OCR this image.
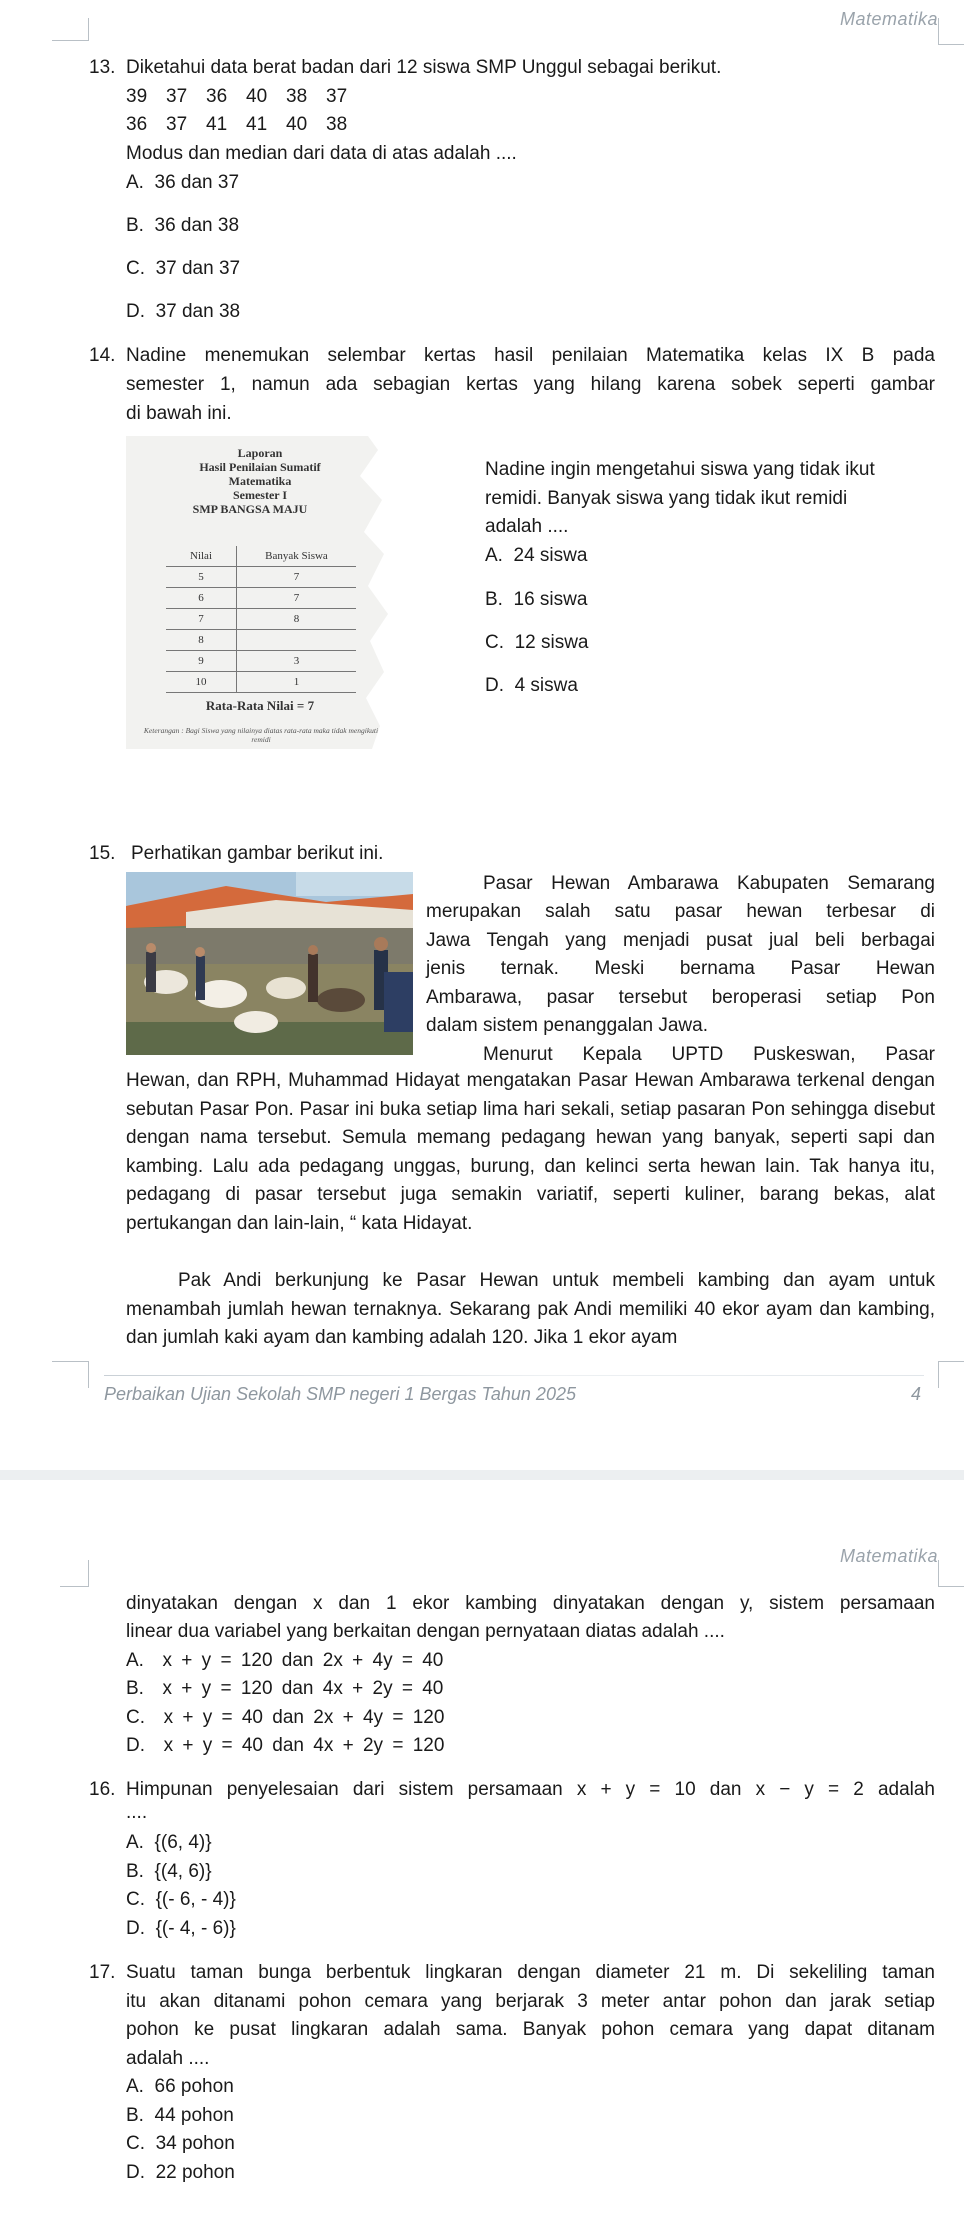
Matematika
13. Diketahui data berat badan dari 12 siswa SMP Unggul sebagai berikut.
39 37 36 40 38 37
36 37 41 41 40 38
Modus dan median dari data di atas adalah ....
A. 36 dan 37
B. 36 dan 38
C. 37 dan 37
D. 37 dan 38
14. Nadine menemukan selembar kertas hasil penilaian Matematika kelas IX B pada
semester 1, namun ada sebagian kertas yang hilang karena sobek seperti gambar
di bawah ini.
Laporan
Hasil Penilaian Sumatif
Matematika
Semester I
SMP BANGSA MAJU
Nilai	Banyak Siswa
5	7
6	7
7	8
8	
9	3
10	1
Rata-Rata Nilai = 7
Keterangan : Bagi Siswa yang nilainya diatas rata-rata maka tidak mengikuti remidi
Nadine ingin mengetahui siswa yang tidak ikut
remidi. Banyak siswa yang tidak ikut remidi
adalah ....
A. 24 siswa
B. 16 siswa
C. 12 siswa
D. 4 siswa
15. Perhatikan gambar berikut ini.
Pasar Hewan Ambarawa Kabupaten Semarang
merupakan salah satu pasar hewan terbesar di
Jawa Tengah yang menjadi pusat jual beli berbagai
jenis ternak. Meski bernama Pasar Hewan
Ambarawa, pasar tersebut beroperasi setiap Pon
dalam sistem penanggalan Jawa.
Menurut Kepala UPTD Puskeswan, Pasar

Hewan, dan RPH, Muhammad Hidayat mengatakan Pasar Hewan Ambarawa terkenal dengan sebutan Pasar Pon. Pasar ini buka setiap lima hari sekali, setiap pasaran Pon sehingga disebut dengan nama tersebut. Semula memang pedagang hewan yang banyak, seperti sapi dan kambing. Lalu ada pedagang unggas, burung, dan kelinci serta hewan lain. Tak hanya itu, pedagang di pasar tersebut juga semakin variatif, seperti kuliner, barang bekas, alat pertukangan dan lain-lain, “ kata Hidayat.

Pak Andi berkunjung ke Pasar Hewan untuk membeli kambing dan ayam untuk menambah jumlah hewan ternaknya. Sekarang pak Andi memiliki 40 ekor ayam dan kambing, dan jumlah kaki ayam dan kambing adalah 120. Jika 1 ekor ayam

Perbaikan Ujian Sekolah SMP negeri 1 Bergas Tahun 2025	4
Matematika
dinyatakan dengan x dan 1 ekor kambing dinyatakan dengan y, sistem persamaan
linear dua variabel yang berkaitan dengan pernyataan diatas adalah ....
A. x + y = 120 dan 2x + 4y = 40
B. x + y = 120 dan 4x + 2y = 40
C. x + y = 40 dan 2x + 4y = 120
D. x + y = 40 dan 4x + 2y = 120
16. Himpunan penyelesaian dari sistem persamaan x + y = 10 dan x − y = 2 adalah
....
A. {(6, 4)}
B. {(4, 6)}
C. {(- 6, - 4)}
D. {(- 4, - 6)}
17. Suatu taman bunga berbentuk lingkaran dengan diameter 21 m. Di sekeliling taman
itu akan ditanami pohon cemara yang berjarak 3 meter antar pohon dan jarak setiap
pohon ke pusat lingkaran adalah sama. Banyak pohon cemara yang dapat ditanam
adalah ....
A. 66 pohon
B. 44 pohon
C. 34 pohon
D. 22 pohon
